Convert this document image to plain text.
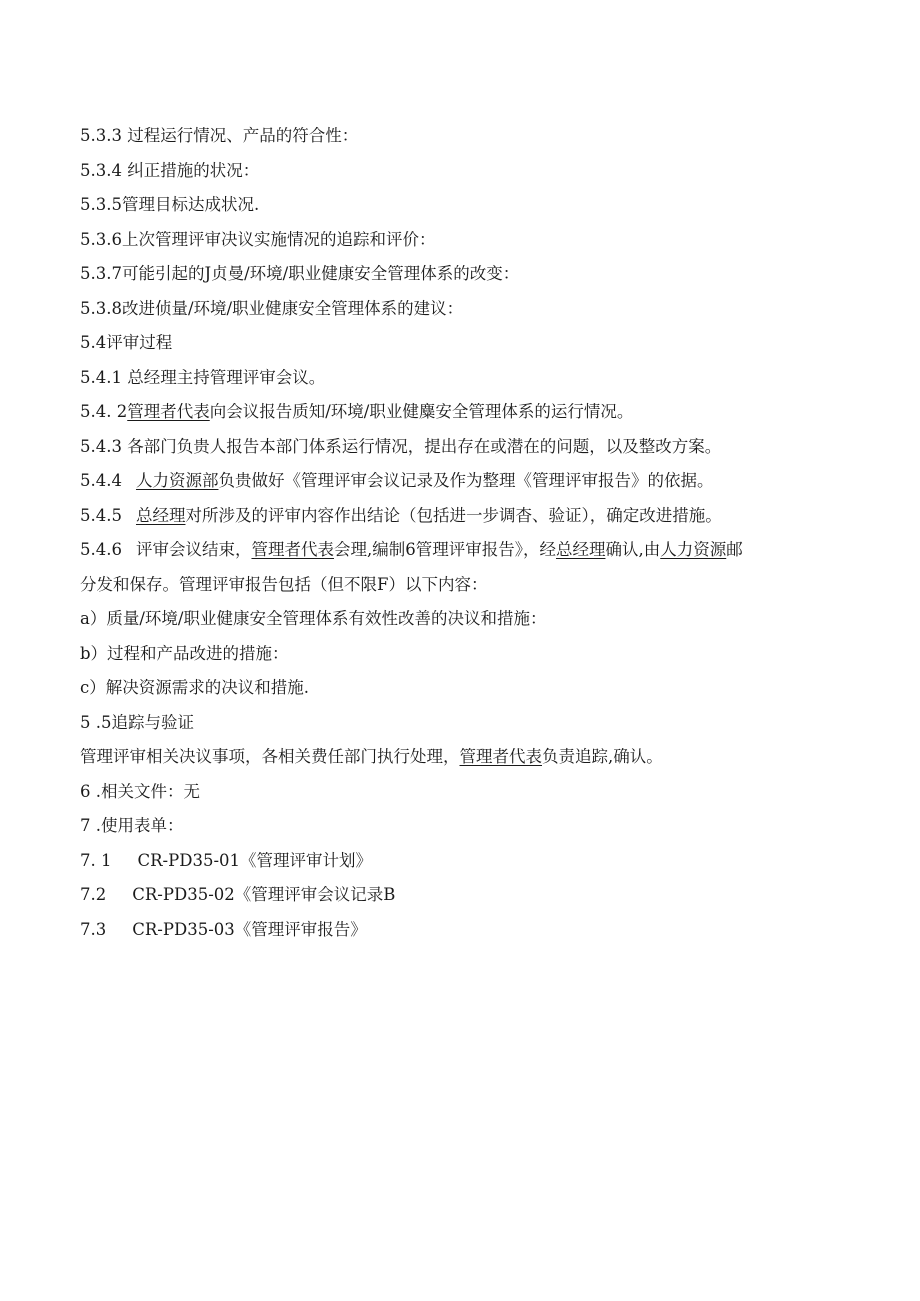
5.3.3 过程运行情况、产品的符合性：
5.3.4 纠正措施的状况：
5.3.5管理目标达成状况.
5.3.6上次管理评审决议实施情况的追踪和评价：
5.3.7可能引起的J贞曼/环境/职业健康安全管理体系的改变：
5.3.8改进侦量/环境/职业健康安全管理体系的建议：
5.4评审过程
5.4.1 总经理主持管理评审会议。
5.4. 2管理者代表向会议报告质知/环境/职业健麋安全管理体系的运行情况。
5.4.3 各部门负贵人报告本部门体系运行情况，提出存在或潜在的问题，以及整改方案。
5.4.4 人力资源部负贵做好《管理评审会议记录及作为整理《管理评审报告》的依据。
5.4.5 总经理对所涉及的评审内容作出结论（包括进一步调杳、验证），确定改进措施。
5.4.6 评审会议结束，管理者代表会理,编制6管理评审报告》，经总经理确认,由人力资源邮
分发和保存。管理评审报告包括（但不限F）以下内容：
a）质量/环境/职业健康安全管理体系有效性改善的决议和措施：
b）过程和产品改进的措施：
c）解决资源需求的决议和措施.
5 .5追踪与验证
管理评审相关决议事项，各相关费任部门执行处理，管理者代表负责追踪,确认。
6 .相关文件：无
7 .使用表单：
7. 1 CR-PD35-01《管理评审计划》
7.2 CR-PD35-02《管理评审会议记录B
7.3 CR-PD35-03《管理评审报告》
